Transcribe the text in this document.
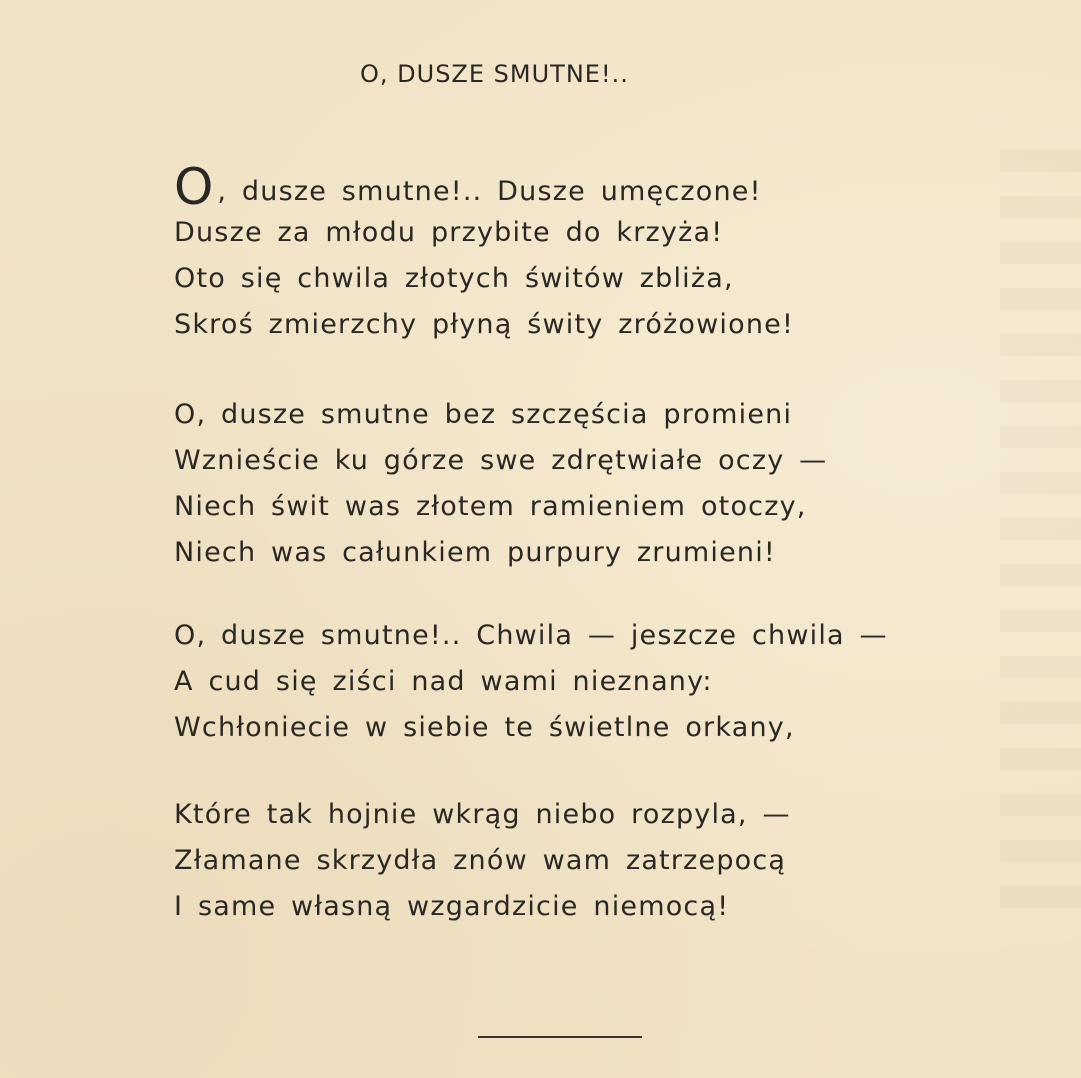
O, DUSZE SMUTNE!..
O , dusze smutne!.. Dusze umęczone!
Dusze za młodu przybite do krzyża!
Oto się chwila złotych świtów zbliża,
Skroś zmierzchy płyną świty zróżowione!
O, dusze smutne bez szczęścia promieni
Wznieście ku górze swe zdrętwiałe oczy —
Niech świt was złotem ramieniem otoczy,
Niech was całunkiem purpury zrumieni!
O, dusze smutne!.. Chwila — jeszcze chwila —
A cud się ziści nad wami nieznany:
Wchłoniecie w siebie te świetlne orkany,
Które tak hojnie wkrąg niebo rozpyla, —
Złamane skrzydła znów wam zatrzepocą
I same własną wzgardzicie niemocą!
